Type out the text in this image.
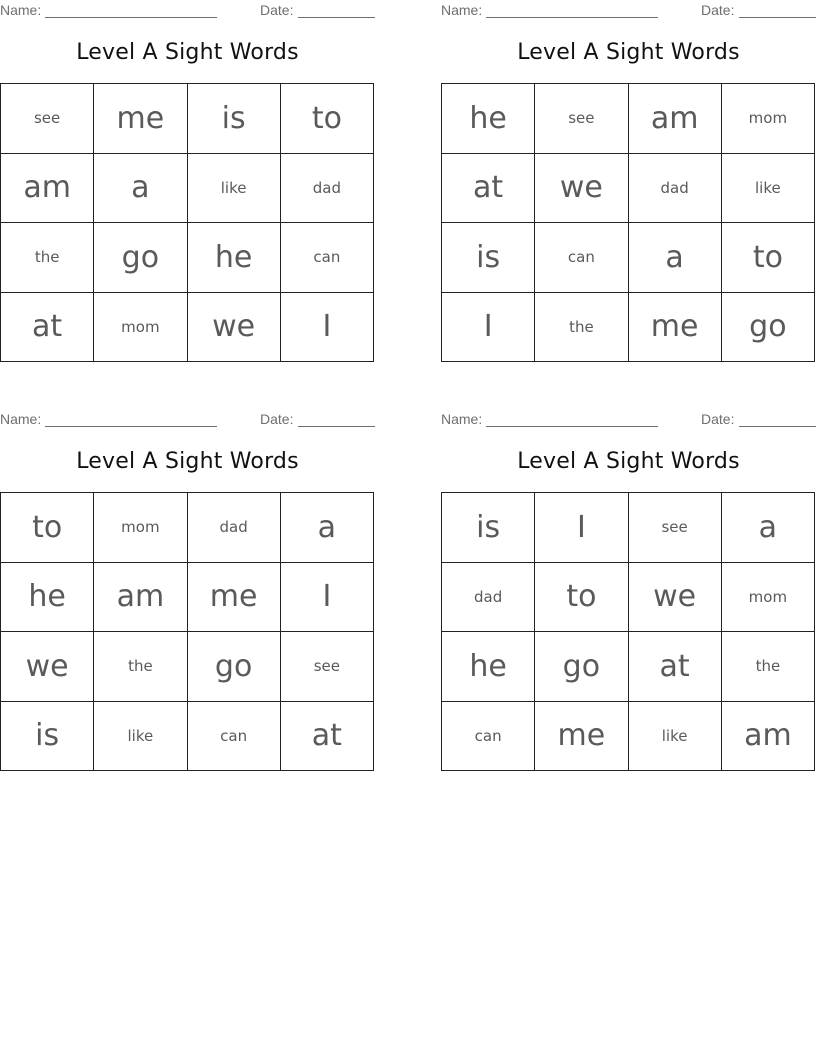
Name:	Date:
Level A Sight Words
see	me	is	to
am	a	like	dad
the	go	he	can
at	mom	we	I
Name:	Date:
Level A Sight Words
he	see	am	mom
at	we	dad	like
is	can	a	to
I	the	me	go
Name:	Date:
Level A Sight Words
to	mom	dad	a
he	am	me	I
we	the	go	see
is	like	can	at
Name:	Date:
Level A Sight Words
is	I	see	a
dad	to	we	mom
he	go	at	the
can	me	like	am
